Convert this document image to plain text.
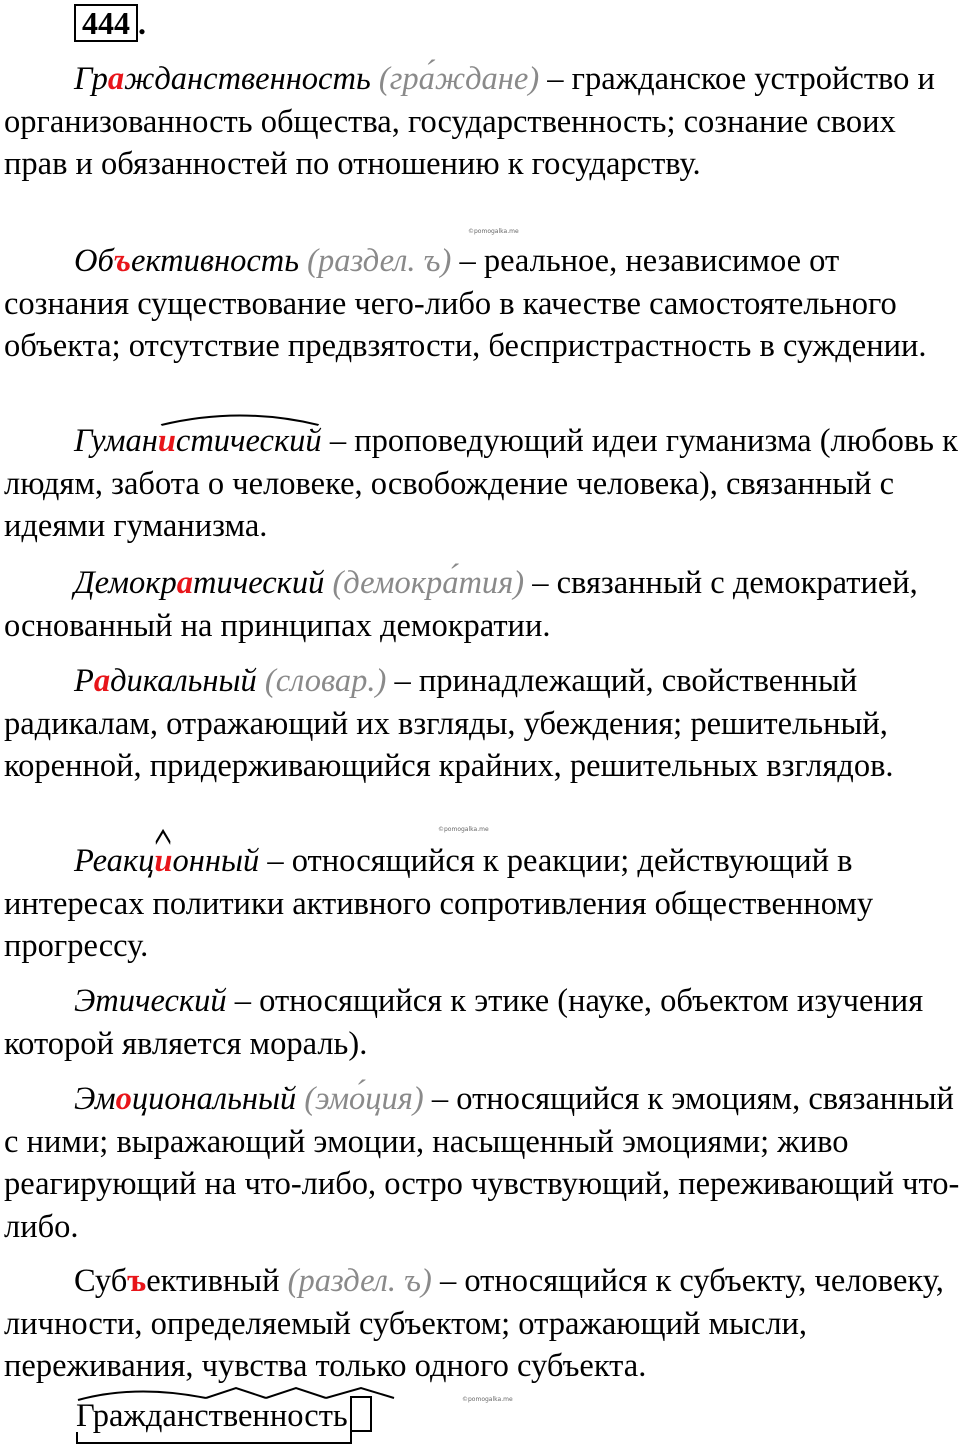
444 .

Гражданственность (гра́ждане) – гражданское устройство и организованность общества, государственность; сознание своих прав и обязанностей по отношению к государству.

©pomogalka.me

Объективность (раздел. ъ) – реальное, независимое от сознания существование чего-либо в качестве самостоятельного объекта; отсутствие предвзятости, беспристрастность в суждении.

Гуман
истический – проповедующий идеи гуманизма (любовь к людям, забота о человеке, освобождение человека), связанный с идеями гуманизма.

Демократический (демокра́тия) – связанный с демократией, основанный на принципах демократии.

Радикальный (словар.) – принадлежащий, свойственный радикалам, отражающий их взгляды, убеждения; решительный, коренной, придерживающийся крайних, решительных взглядов.

©pomogalka.me

Реакц
ионный – относящийся к реакции; действующий в интересах политики активного сопротивления общественному прогрессу.

Этический – относящийся к этике (науке, объектом изучения которой является мораль).

Эмоциональный (эмо́ция) – относящийся к эмоциям, связанный с ними; выражающий эмоции, насыщенный эмоциями; живо реагирующий на что-либо, остро чувствующий, переживающий что-либо.

Субъективный (раздел. ъ) – относящийся к субъекту, человеку, личности, определяемый субъектом; отражающий мысли, переживания, чувства только одного субъекта.

©pomogalka.me
Гражданственность
